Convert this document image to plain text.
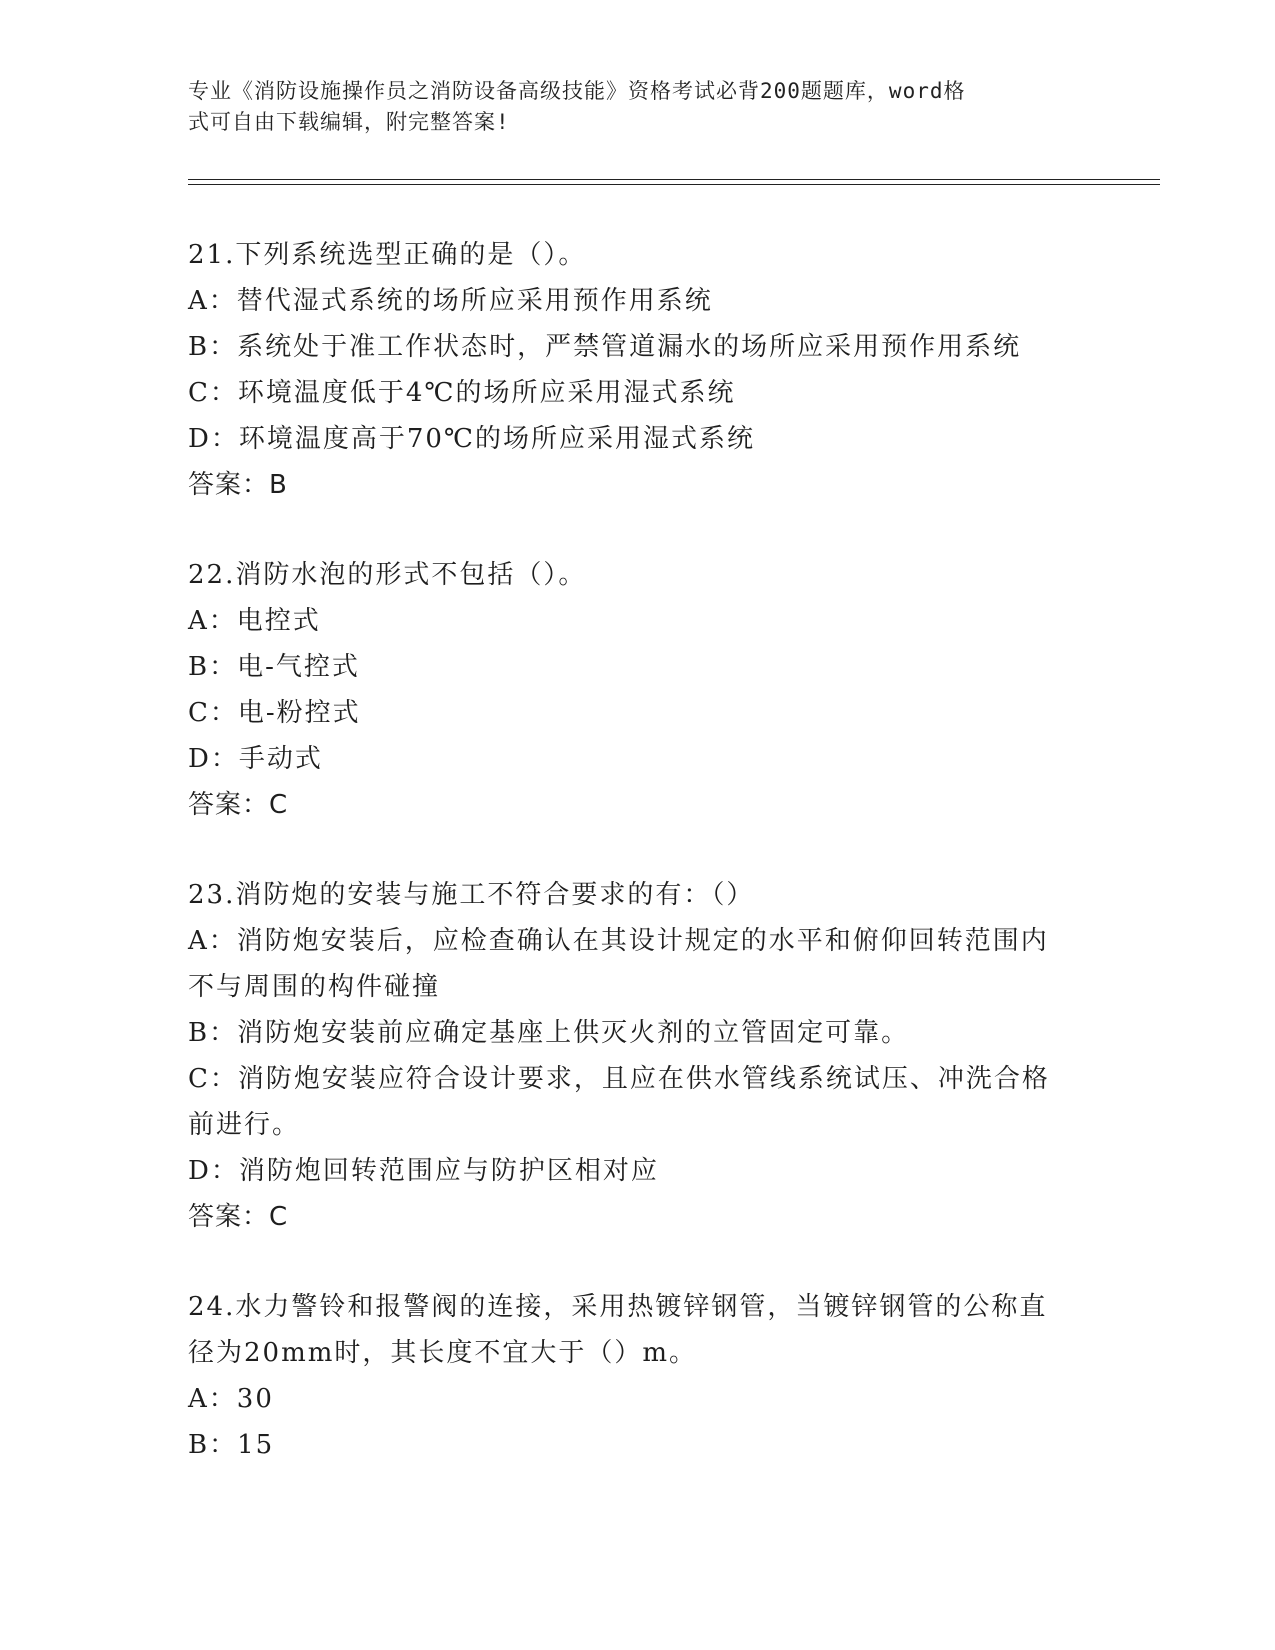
专业《消防设施操作员之消防设备高级技能》资格考试必背200题题库，word格
式可自由下载编辑，附完整答案!
21.下列系统选型正确的是（）。
A：替代湿式系统的场所应采用预作用系统
B：系统处于准工作状态时，严禁管道漏水的场所应采用预作用系统
C：环境温度低于4℃的场所应采用湿式系统
D：环境温度高于70℃的场所应采用湿式系统
答案：B
22.消防水泡的形式不包括（）。
A：电控式
B：电-气控式
C：电-粉控式
D：手动式
答案：C
23.消防炮的安装与施工不符合要求的有：（）
A：消防炮安装后，应检查确认在其设计规定的水平和俯仰回转范围内
不与周围的构件碰撞
B：消防炮安装前应确定基座上供灭火剂的立管固定可靠。
C：消防炮安装应符合设计要求，且应在供水管线系统试压、冲洗合格
前进行。
D：消防炮回转范围应与防护区相对应
答案：C
24.水力警铃和报警阀的连接，采用热镀锌钢管，当镀锌钢管的公称直
径为20mm时，其长度不宜大于（）m。
A：30
B：15
